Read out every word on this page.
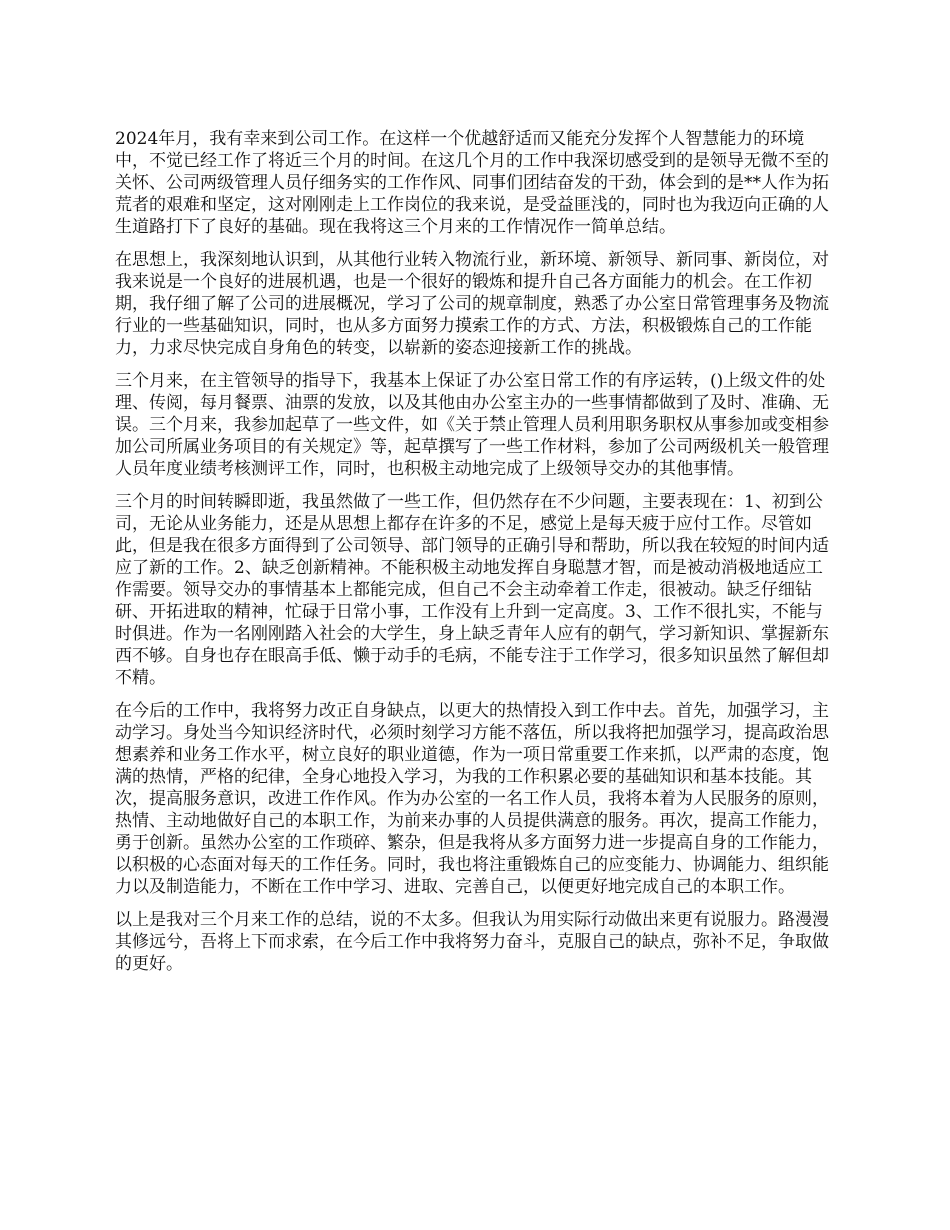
2024年月，我有幸来到公司工作。在这样一个优越舒适而又能充分发挥个人智慧能力的环境中，不觉已经工作了将近三个月的时间。在这几个月的工作中我深切感受到的是领导无微不至的关怀、公司两级管理人员仔细务实的工作作风、同事们团结奋发的干劲，体会到的是**人作为拓荒者的艰难和坚定，这对刚刚走上工作岗位的我来说，是受益匪浅的，同时也为我迈向正确的人生道路打下了良好的基础。现在我将这三个月来的工作情况作一简单总结。

在思想上，我深刻地认识到，从其他行业转入物流行业，新环境、新领导、新同事、新岗位，对我来说是一个良好的进展机遇，也是一个很好的锻炼和提升自己各方面能力的机会。在工作初期，我仔细了解了公司的进展概况，学习了公司的规章制度，熟悉了办公室日常管理事务及物流行业的一些基础知识，同时，也从多方面努力摸索工作的方式、方法，积极锻炼自己的工作能力，力求尽快完成自身角色的转变，以崭新的姿态迎接新工作的挑战。

三个月来，在主管领导的指导下，我基本上保证了办公室日常工作的有序运转，()上级文件的处理、传阅，每月餐票、油票的发放，以及其他由办公室主办的一些事情都做到了及时、准确、无误。三个月来，我参加起草了一些文件，如《关于禁止管理人员利用职务职权从事参加或变相参加公司所属业务项目的有关规定》等，起草撰写了一些工作材料，参加了公司两级机关一般管理人员年度业绩考核测评工作，同时，也积极主动地完成了上级领导交办的其他事情。

三个月的时间转瞬即逝，我虽然做了一些工作，但仍然存在不少问题，主要表现在：1、初到公司，无论从业务能力，还是从思想上都存在许多的不足，感觉上是每天疲于应付工作。尽管如此，但是我在很多方面得到了公司领导、部门领导的正确引导和帮助，所以我在较短的时间内适应了新的工作。2、缺乏创新精神。不能积极主动地发挥自身聪慧才智，而是被动消极地适应工作需要。领导交办的事情基本上都能完成，但自己不会主动牵着工作走，很被动。缺乏仔细钻研、开拓进取的精神，忙碌于日常小事，工作没有上升到一定高度。3、工作不很扎实，不能与时俱进。作为一名刚刚踏入社会的大学生，身上缺乏青年人应有的朝气，学习新知识、掌握新东西不够。自身也存在眼高手低、懒于动手的毛病，不能专注于工作学习，很多知识虽然了解但却不精。

在今后的工作中，我将努力改正自身缺点，以更大的热情投入到工作中去。首先，加强学习，主动学习。身处当今知识经济时代，必须时刻学习方能不落伍，所以我将把加强学习，提高政治思想素养和业务工作水平，树立良好的职业道德，作为一项日常重要工作来抓，以严肃的态度，饱满的热情，严格的纪律，全身心地投入学习，为我的工作积累必要的基础知识和基本技能。其次，提高服务意识，改进工作作风。作为办公室的一名工作人员，我将本着为人民服务的原则，热情、主动地做好自己的本职工作，为前来办事的人员提供满意的服务。再次，提高工作能力，勇于创新。虽然办公室的工作琐碎、繁杂，但是我将从多方面努力进一步提高自身的工作能力，以积极的心态面对每天的工作任务。同时，我也将注重锻炼自己的应变能力、协调能力、组织能力以及制造能力，不断在工作中学习、进取、完善自己，以便更好地完成自己的本职工作。

以上是我对三个月来工作的总结，说的不太多。但我认为用实际行动做出来更有说服力。路漫漫其修远兮，吾将上下而求索，在今后工作中我将努力奋斗，克服自己的缺点，弥补不足，争取做的更好。
